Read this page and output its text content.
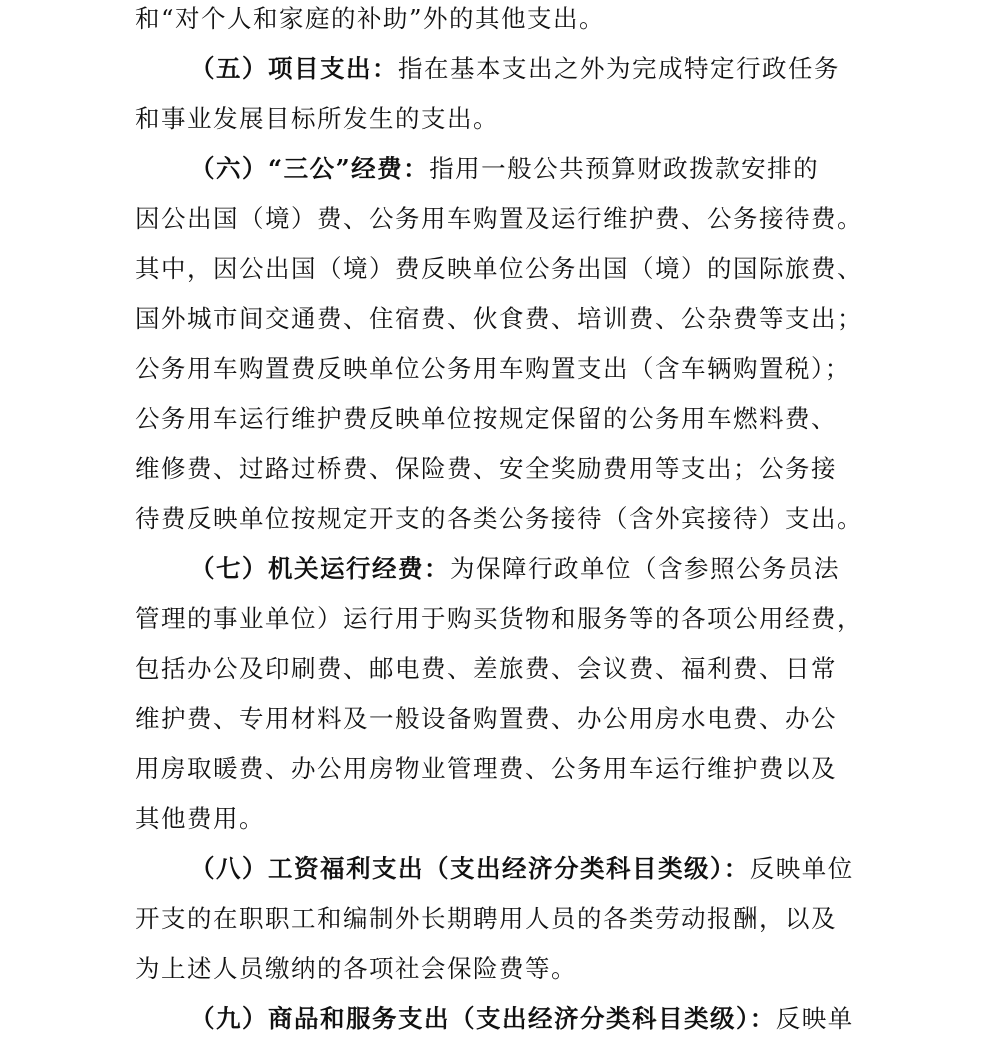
和“对个人和家庭的补助”外的其他支出。
（五）项目支出：指在基本支出之外为完成特定行政任务
和事业发展目标所发生的支出。
（六）“三公”经费：指用一般公共预算财政拨款安排的
因公出国（境）费、公务用车购置及运行维护费、公务接待费。
其中，因公出国（境）费反映单位公务出国（境）的国际旅费、
国外城市间交通费、住宿费、伙食费、培训费、公杂费等支出；
公务用车购置费反映单位公务用车购置支出（含车辆购置税）；
公务用车运行维护费反映单位按规定保留的公务用车燃料费、
维修费、过路过桥费、保险费、安全奖励费用等支出；公务接
待费反映单位按规定开支的各类公务接待（含外宾接待）支出。
（七）机关运行经费：为保障行政单位（含参照公务员法
管理的事业单位）运行用于购买货物和服务等的各项公用经费，
包括办公及印刷费、邮电费、差旅费、会议费、福利费、日常
维护费、专用材料及一般设备购置费、办公用房水电费、办公
用房取暖费、办公用房物业管理费、公务用车运行维护费以及
其他费用。
（八）工资福利支出（支出经济分类科目类级）：反映单位
开支的在职职工和编制外长期聘用人员的各类劳动报酬，以及
为上述人员缴纳的各项社会保险费等。
（九）商品和服务支出（支出经济分类科目类级）：反映单
